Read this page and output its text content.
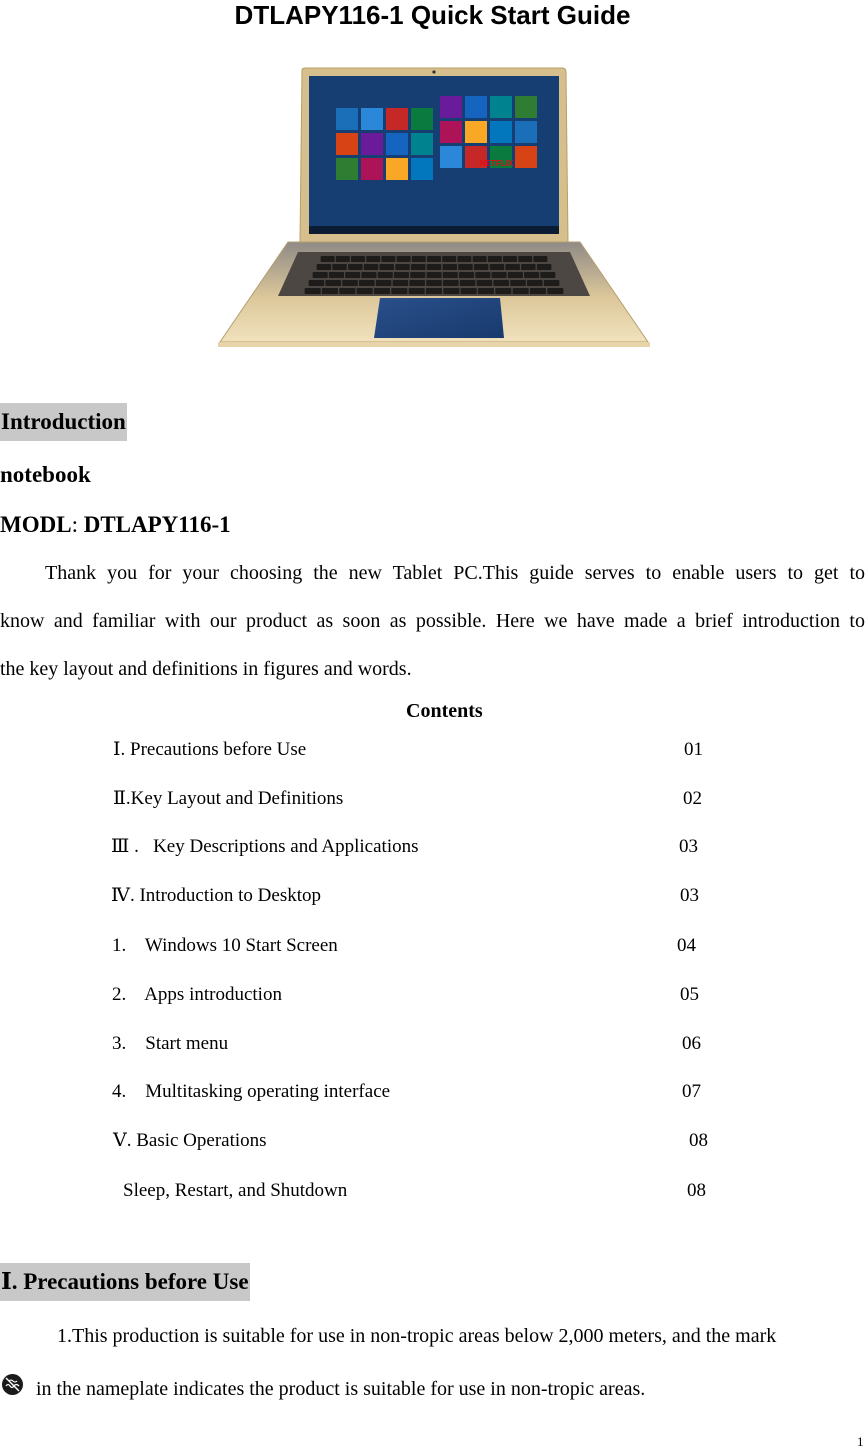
DTLAPY116-1 Quick Start Guide
NETFLIX
Introduction
notebook
MODL: DTLAPY116-1
Thank you for your choosing the new Tablet PC.This guide serves to enable users to get to
know and familiar with our product as soon as possible. Here we have made a brief introduction to
the key layout and definitions in figures and words.
Contents
Ⅰ. Precautions before Use	01
Ⅱ.Key Layout and Definitions	02
Ⅲ .   Key Descriptions and Applications	03
Ⅳ. Introduction to Desktop	03
1.    Windows 10 Start Screen	04
2.    Apps introduction	05
3.    Start menu	06
4.    Multitasking operating interface	07
Ⅴ. Basic Operations	08
Sleep, Restart, and Shutdown	08
Ⅰ. Precautions before Use
1.This production is suitable for use in non-tropic areas below 2,000 meters, and the mark
in the nameplate indicates the product is suitable for use in non-tropic areas.
1
